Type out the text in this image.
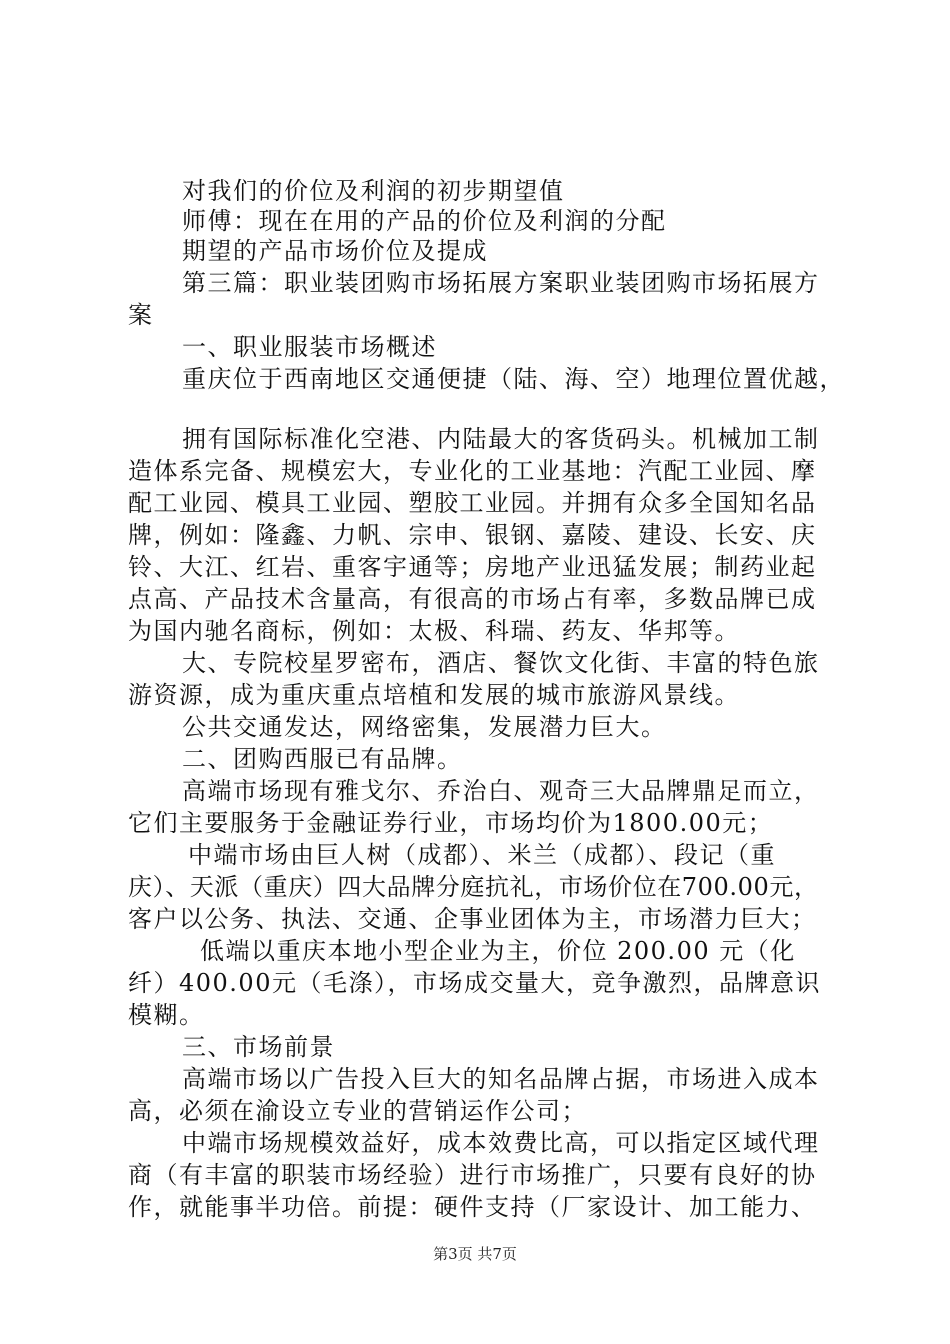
对我们的价位及利润的初步期望值
师傅：现在在用的产品的价位及利润的分配
期望的产品市场价位及提成
第三篇：职业装团购市场拓展方案职业装团购市场拓展方
案
一、职业服装市场概述
重庆位于西南地区交通便捷（陆、海、空）地理位置优越，
拥有国际标准化空港、内陆最大的客货码头。机械加工制
造体系完备、规模宏大，专业化的工业基地：汽配工业园、摩
配工业园、模具工业园、塑胶工业园。并拥有众多全国知名品
牌，例如：隆鑫、力帆、宗申、银钢、嘉陵、建设、长安、庆
铃、大江、红岩、重客宇通等；房地产业迅猛发展；制药业起
点高、产品技术含量高，有很高的市场占有率，多数品牌已成
为国内驰名商标，例如：太极、科瑞、药友、华邦等。
大、专院校星罗密布，酒店、餐饮文化街、丰富的特色旅
游资源，成为重庆重点培植和发展的城市旅游风景线。
公共交通发达，网络密集，发展潜力巨大。
二、团购西服已有品牌。
高端市场现有雅戈尔、乔治白、观奇三大品牌鼎足而立，
它们主要服务于金融证券行业，市场均价为1800.00元；
中端市场由巨人树（成都）、米兰（成都）、段记（重
庆）、天派（重庆）四大品牌分庭抗礼，市场价位在700.00元，
客户以公务、执法、交通、企事业团体为主，市场潜力巨大；
低端以重庆本地小型企业为主，价位 200.00 元（化
纤）400.00元（毛涤），市场成交量大，竞争激烈，品牌意识
模糊。
三、市场前景
高端市场以广告投入巨大的知名品牌占据，市场进入成本
高，必须在渝设立专业的营销运作公司；
中端市场规模效益好，成本效费比高，可以指定区域代理
商（有丰富的职装市场经验）进行市场推广，只要有良好的协
作，就能事半功倍。前提：硬件支持（厂家设计、加工能力、
第3页 共7页
